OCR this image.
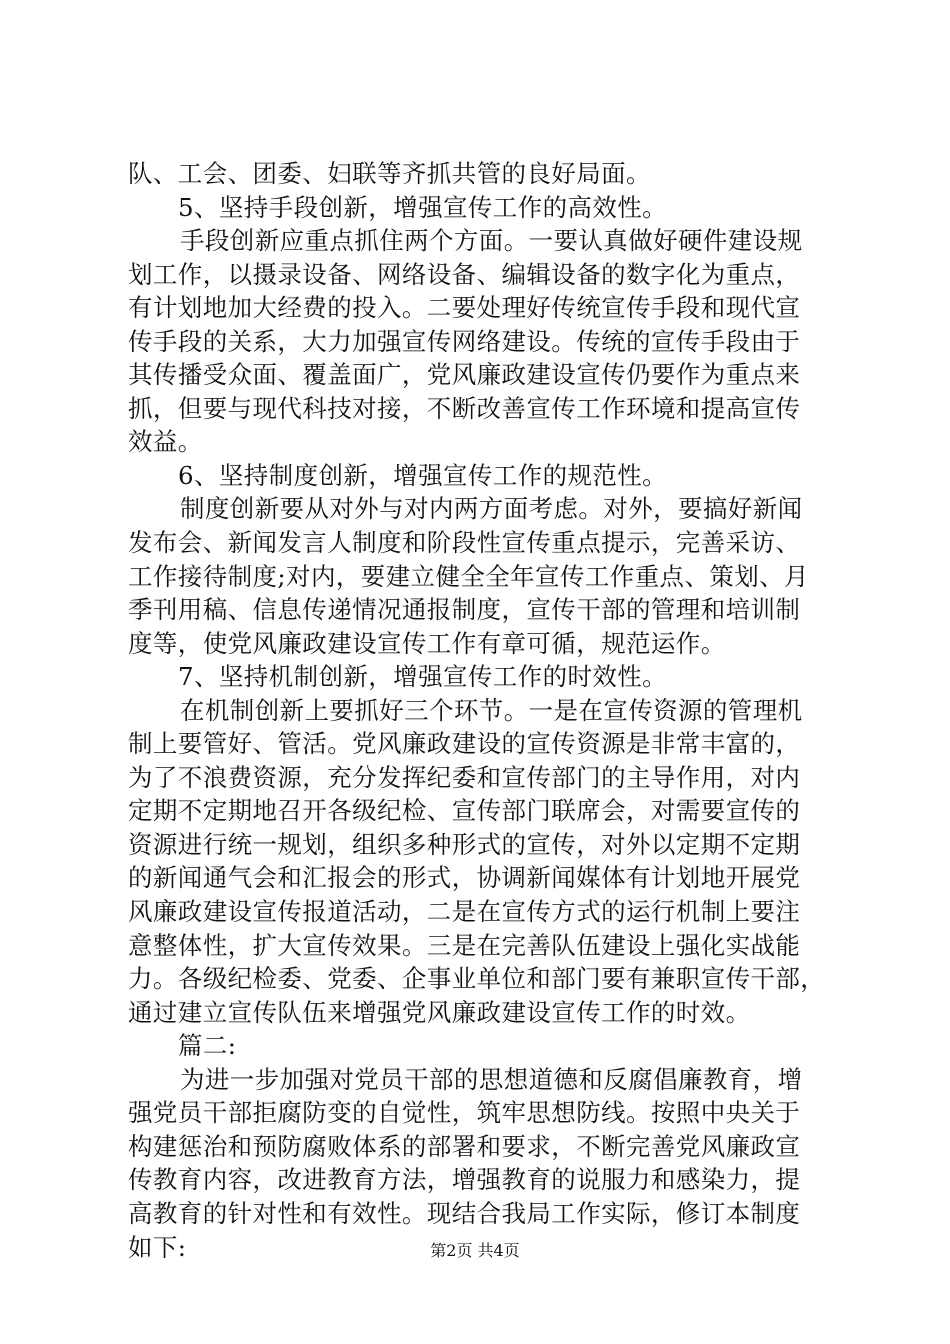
队、工会、团委、妇联等齐抓共管的良好局面。
5、坚持手段创新，增强宣传工作的高效性。
手段创新应重点抓住两个方面。一要认真做好硬件建设规
划工作，以摄录设备、网络设备、编辑设备的数字化为重点，
有计划地加大经费的投入。二要处理好传统宣传手段和现代宣
传手段的关系，大力加强宣传网络建设。传统的宣传手段由于
其传播受众面、覆盖面广，党风廉政建设宣传仍要作为重点来
抓，但要与现代科技对接，不断改善宣传工作环境和提高宣传
效益。
6、坚持制度创新，增强宣传工作的规范性。
制度创新要从对外与对内两方面考虑。对外，要搞好新闻
发布会、新闻发言人制度和阶段性宣传重点提示，完善采访、
工作接待制度;对内，要建立健全全年宣传工作重点、策划、月
季刊用稿、信息传递情况通报制度，宣传干部的管理和培训制
度等，使党风廉政建设宣传工作有章可循，规范运作。
7、坚持机制创新，增强宣传工作的时效性。
在机制创新上要抓好三个环节。一是在宣传资源的管理机
制上要管好、管活。党风廉政建设的宣传资源是非常丰富的，
为了不浪费资源，充分发挥纪委和宣传部门的主导作用，对内
定期不定期地召开各级纪检、宣传部门联席会，对需要宣传的
资源进行统一规划，组织多种形式的宣传，对外以定期不定期
的新闻通气会和汇报会的形式，协调新闻媒体有计划地开展党
风廉政建设宣传报道活动，二是在宣传方式的运行机制上要注
意整体性，扩大宣传效果。三是在完善队伍建设上强化实战能
力。各级纪检委、党委、企事业单位和部门要有兼职宣传干部，
通过建立宣传队伍来增强党风廉政建设宣传工作的时效。
篇二:
为进一步加强对党员干部的思想道德和反腐倡廉教育，增
强党员干部拒腐防变的自觉性，筑牢思想防线。按照中央关于
构建惩治和预防腐败体系的部署和要求，不断完善党风廉政宣
传教育内容，改进教育方法，增强教育的说服力和感染力，提
高教育的针对性和有效性。现结合我局工作实际，修订本制度
如下:	第2页 共4页
